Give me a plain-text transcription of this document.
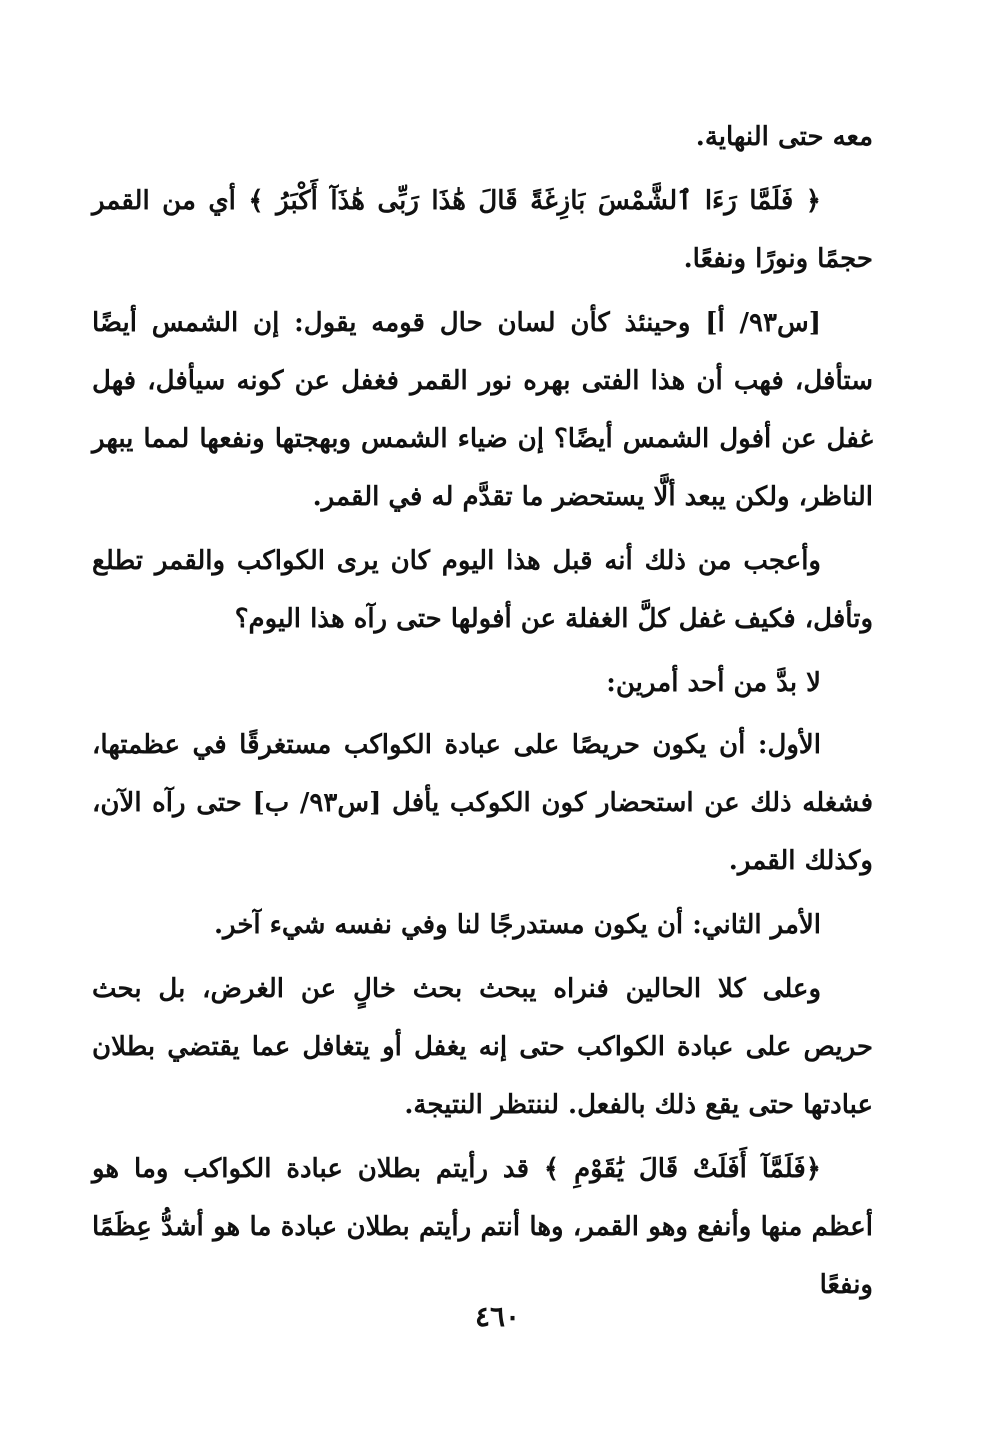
معه حتى النهاية.

﴿ فَلَمَّا رَءَا ٱلشَّمْسَ بَازِغَةً قَالَ هَٰذَا رَبِّى هَٰذَآ أَكْبَرُ ﴾ أي من القمر حجمًا ونورًا ونفعًا.

[س٩٣/ أ] وحينئذ كأن لسان حال قومه يقول: إن الشمس أيضًا ستأفل، فهب أن هذا الفتى بهره نور القمر فغفل عن كونه سيأفل، فهل غفل عن أفول الشمس أيضًا؟ إن ضياء الشمس وبهجتها ونفعها لمما يبهر الناظر، ولكن يبعد ألَّا يستحضر ما تقدَّم له في القمر.

وأعجب من ذلك أنه قبل هذا اليوم كان يرى الكواكب والقمر تطلع وتأفل، فكيف غفل كلَّ الغفلة عن أفولها حتى رآه هذا اليوم؟

لا بدَّ من أحد أمرين:

الأول: أن يكون حريصًا على عبادة الكواكب مستغرقًا في عظمتها، فشغله ذلك عن استحضار كون الكوكب يأفل [س٩٣/ ب] حتى رآه الآن، وكذلك القمر.

الأمر الثاني: أن يكون مستدرجًا لنا وفي نفسه شيء آخر.

وعلى كلا الحالين فنراه يبحث بحث خالٍ عن الغرض، بل بحث حريص على عبادة الكواكب حتى إنه يغفل أو يتغافل عما يقتضي بطلان عبادتها حتى يقع ذلك بالفعل. لننتظر النتيجة.

﴿فَلَمَّآ أَفَلَتْ قَالَ يَٰقَوْمِ ﴾ قد رأيتم بطلان عبادة الكواكب وما هو أعظم منها وأنفع وهو القمر، وها أنتم رأيتم بطلان عبادة ما هو أشدُّ عِظَمًا ونفعًا

٤٦٠
